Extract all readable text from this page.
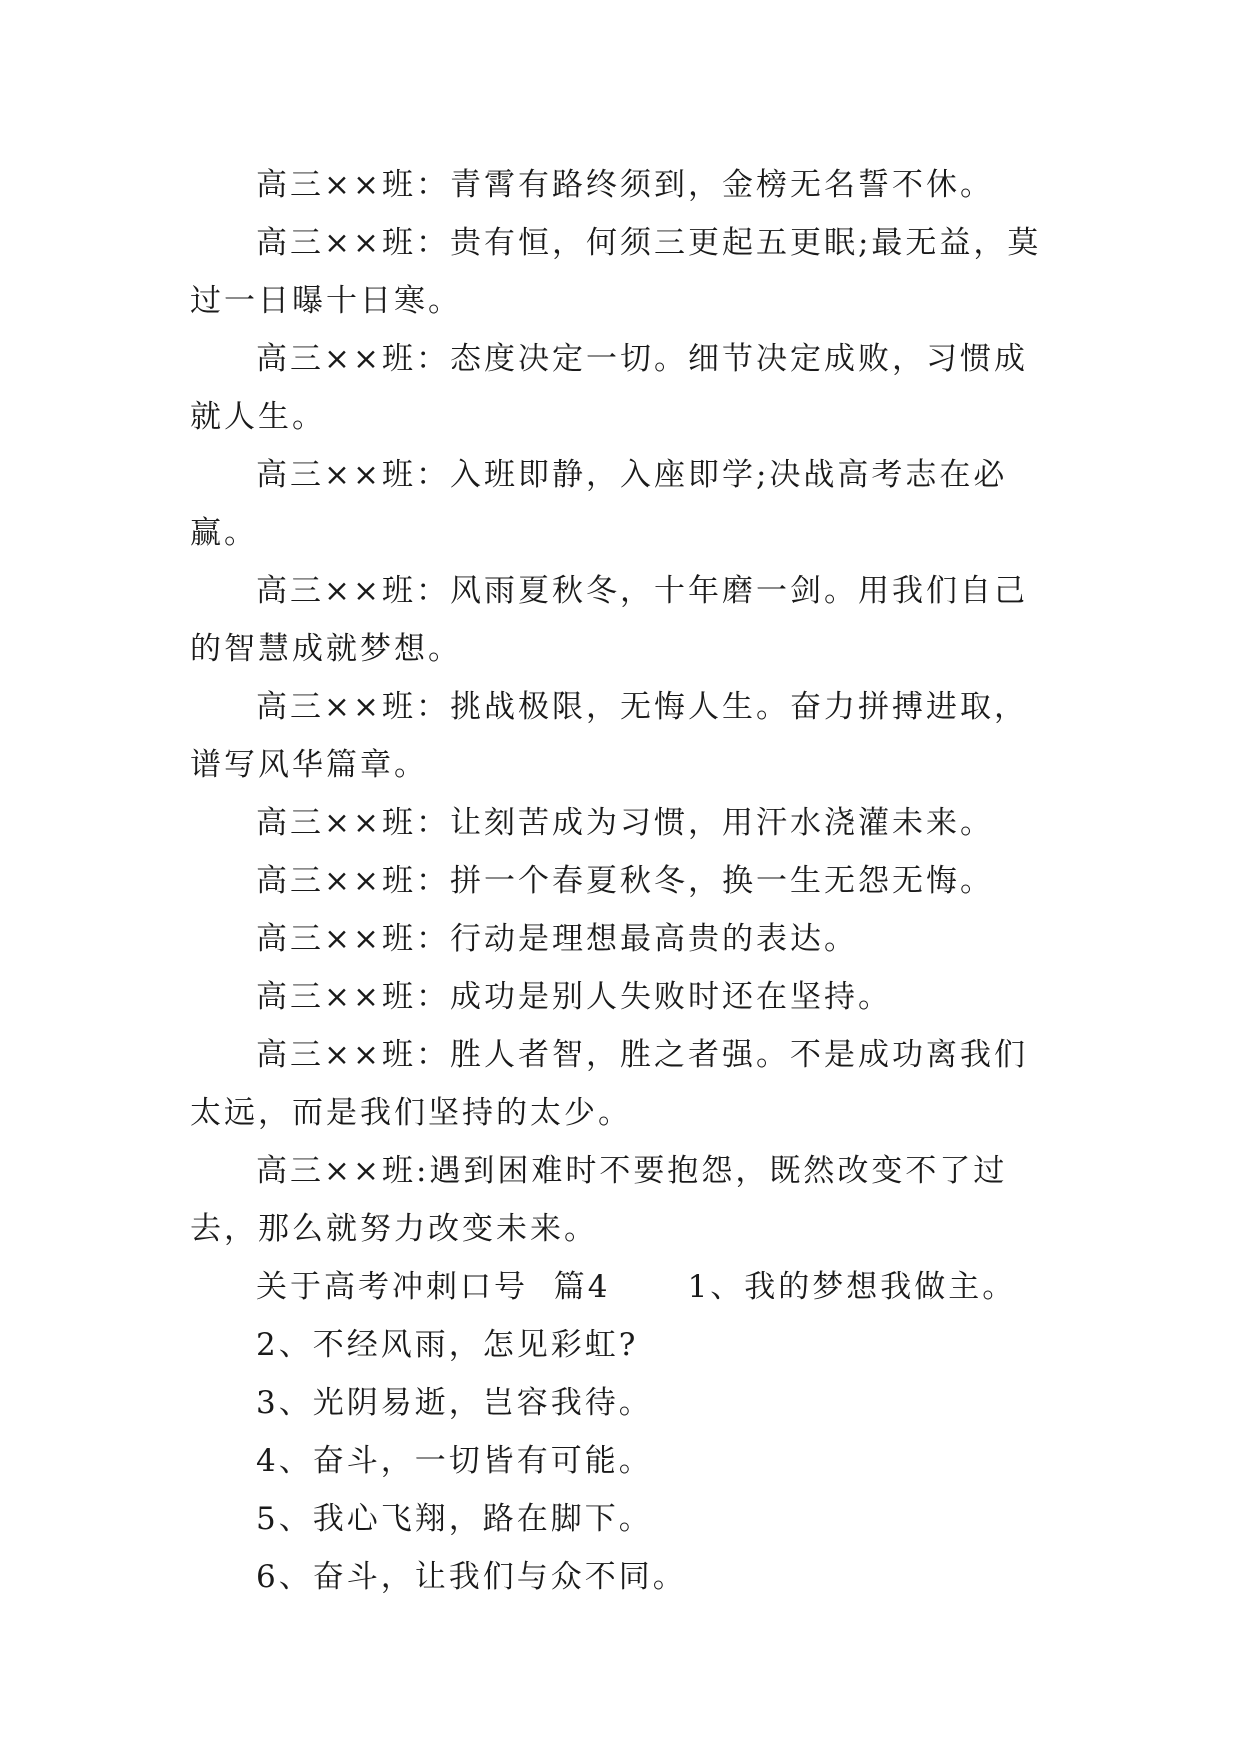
高三××班：青霄有路终须到，金榜无名誓不休。

高三××班：贵有恒，何须三更起五更眠;最无益，莫过一日曝十日寒。

高三××班：态度决定一切。细节决定成败，习惯成就人生。

高三××班：入班即静，入座即学;决战高考志在必赢。

高三××班：风雨夏秋冬，十年磨一剑。用我们自己的智慧成就梦想。

高三××班：挑战极限，无悔人生。奋力拼搏进取，谱写风华篇章。

高三××班：让刻苦成为习惯，用汗水浇灌未来。

高三××班：拼一个春夏秋冬，换一生无怨无悔。

高三××班：行动是理想最高贵的表达。

高三××班：成功是别人失败时还在坚持。

高三××班：胜人者智，胜之者强。不是成功离我们太远，而是我们坚持的太少。

高三××班:遇到困难时不要抱怨，既然改变不了过去，那么就努力改变未来。

关于高考冲刺口号  篇4 1、我的梦想我做主。

2、不经风雨，怎见彩虹?

3、光阴易逝，岂容我待。

4、奋斗，一切皆有可能。

5、我心飞翔，路在脚下。

6、奋斗，让我们与众不同。
